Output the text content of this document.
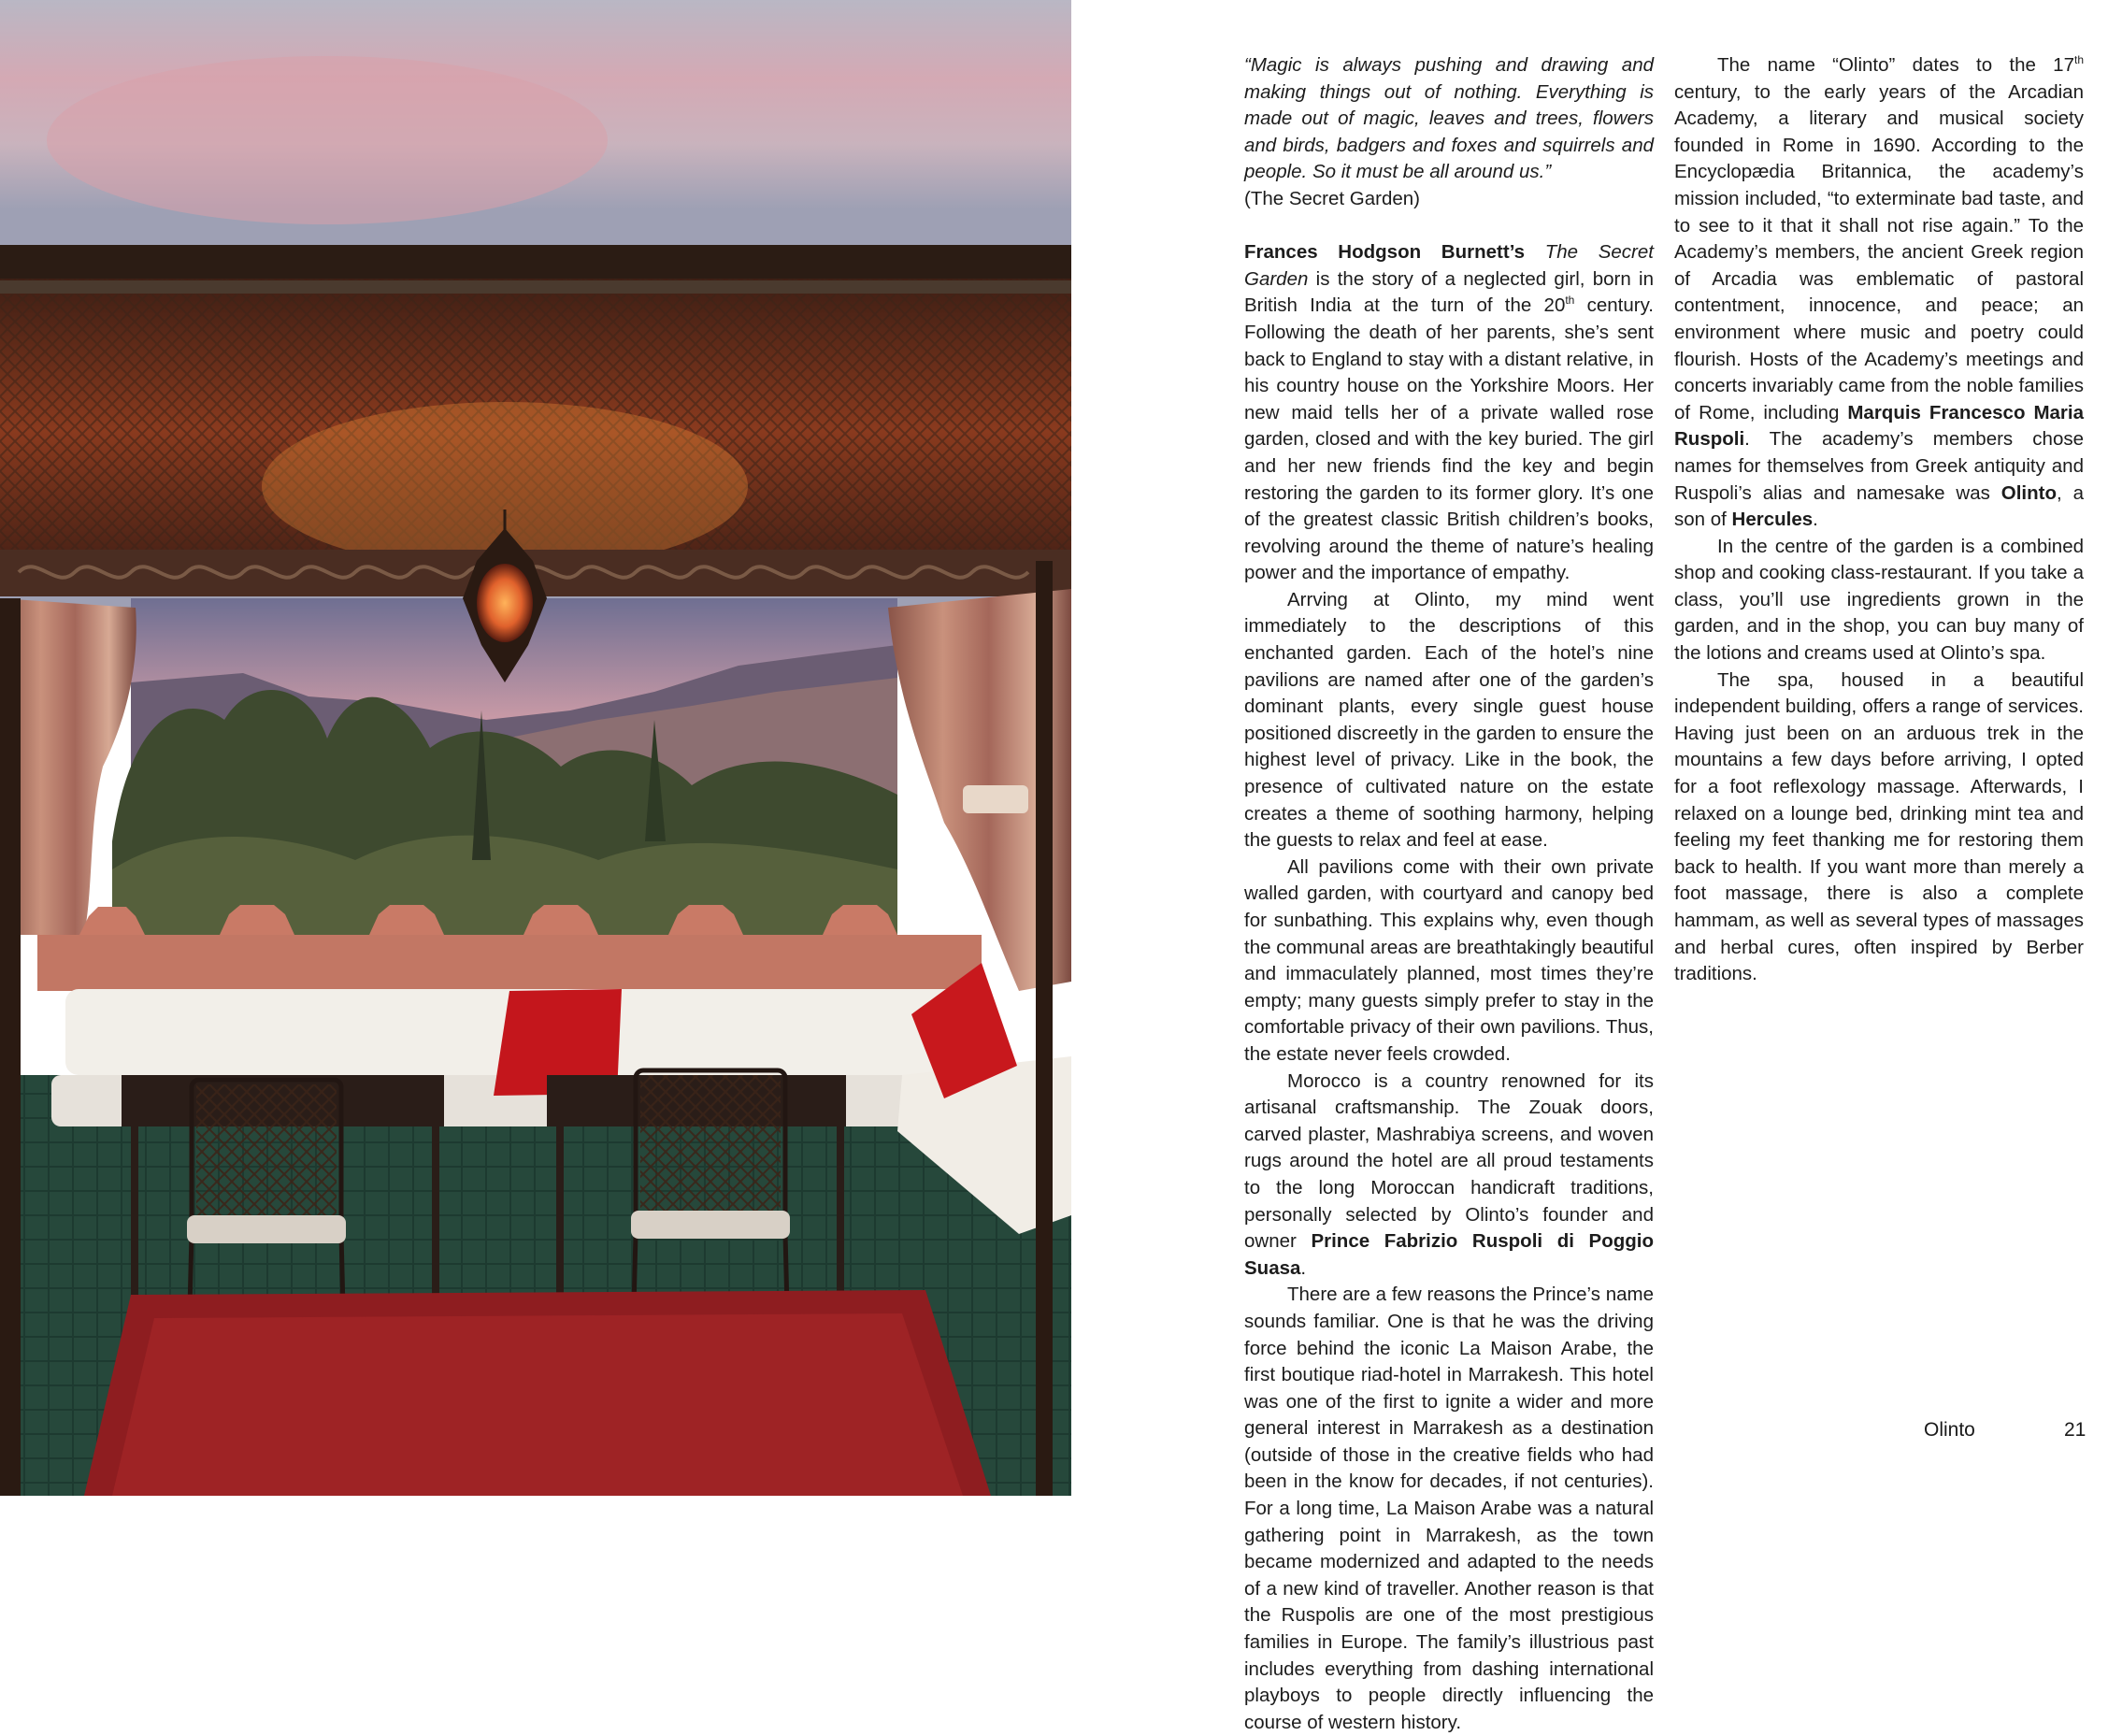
“Magic is always pushing and drawing and making things out of nothing. Everything is made out of magic, leaves and trees, flowers and birds, badgers and foxes and squirrels and people. So it must be all around us.”
(The Secret Garden)

Frances Hodgson Burnett’s The Secret Garden is the story of a neglected girl, born in British India at the turn of the 20th century. Following the death of her parents, she’s sent back to England to stay with a distant relative, in his country house on the Yorkshire Moors. Her new maid tells her of a private walled rose garden, closed and with the key buried. The girl and her new friends find the key and begin restoring the garden to its former glory. It’s one of the greatest classic British children’s books, revolving around the theme of nature’s healing power and the importance of empathy.

Arrving at Olinto, my mind went immediately to the descriptions of this enchanted garden. Each of the hotel’s nine pavilions are named after one of the garden’s dominant plants, every single guest house positioned discreetly in the garden to ensure the highest level of privacy. Like in the book, the presence of cultivated nature on the estate creates a theme of soothing harmony, helping the guests to relax and feel at ease.

All pavilions come with their own private walled garden, with courtyard and canopy bed for sunbathing. This explains why, even though the communal areas are breathtakingly beautiful and immaculately planned, most times they’re empty; many guests simply prefer to stay in the comfortable privacy of their own pavilions. Thus, the estate never feels crowded.

Morocco is a country renowned for its artisanal craftsmanship. The Zouak doors, carved plaster, Mashrabiya screens, and woven rugs around the hotel are all proud testaments to the long Moroccan handicraft traditions, personally selected by Olinto’s founder and owner Prince Fabrizio Ruspoli di Poggio Suasa.

There are a few reasons the Prince’s name sounds familiar. One is that he was the driving force behind the iconic La Maison Arabe, the first boutique riad-hotel in Marrakesh. This hotel was one of the first to ignite a wider and more general interest in Marrakesh as a destination (outside of those in the creative fields who had been in the know for decades, if not centuries). For a long time, La Maison Arabe was a natural gathering point in Marrakesh, as the town became modernized and adapted to the needs of a new kind of traveller. Another reason is that the Ruspolis are one of the most prestigious families in Europe. The family’s illustrious past includes everything from dashing international playboys to people directly influencing the course of western history.

The name “Olinto” dates to the 17th century, to the early years of the Arcadian Academy, a literary and musical society founded in Rome in 1690. According to the Encyclopædia Britannica, the academy’s mission included, “to exterminate bad taste, and to see to it that it shall not rise again.” To the Academy’s members, the ancient Greek region of Arcadia was emblematic of pastoral contentment, innocence, and peace; an environment where music and poetry could flourish. Hosts of the Academy’s meetings and concerts invariably came from the noble families of Rome, including Marquis Francesco Maria Ruspoli. The academy’s members chose names for themselves from Greek antiquity and Ruspoli’s alias and namesake was Olinto, a son of Hercules.

In the centre of the garden is a combined shop and cooking class-restaurant. If you take a class, you’ll use ingredients grown in the garden, and in the shop, you can buy many of the lotions and creams used at Olinto’s spa.

The spa, housed in a beautiful independent building, offers a range of services. Having just been on an arduous trek in the mountains a few days before arriving, I opted for a foot reflexology massage. Afterwards, I relaxed on a lounge bed, drinking mint tea and feeling my feet thanking me for restoring them back to health. If you want more than merely a foot massage, there is also a complete hammam, as well as several types of massages and herbal cures, often inspired by Berber traditions.

Olinto	21
